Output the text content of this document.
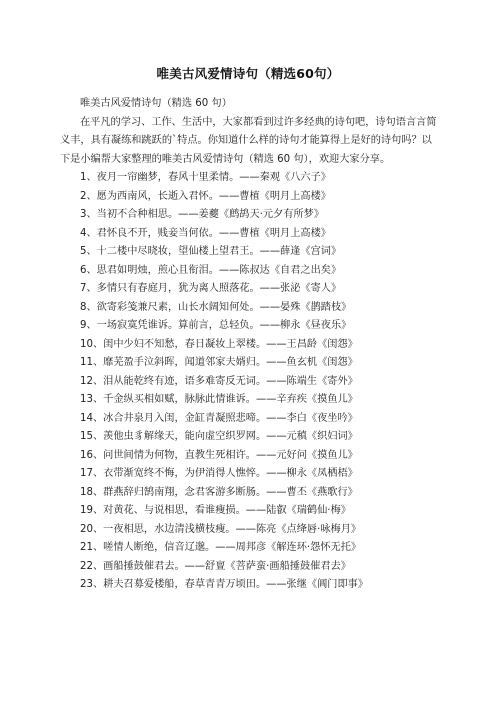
唯美古风爱情诗句（精选60句）

唯美古风爱情诗句（精选 60 句）

在平凡的学习、工作、生活中，大家都看到过许多经典的诗句吧，诗句语言言简义丰，具有凝练和跳跃的`特点。你知道什么样的诗句才能算得上是好的诗句吗？以下是小编帮大家整理的唯美古风爱情诗句（精选 60 句），欢迎大家分享。

1、夜月一帘幽梦，春风十里柔情。——秦观《八六子》
2、愿为西南风，长逝入君怀。——曹植《明月上高楼》
3、当初不合种相思。——姜夔《鹧鸪天·元夕有所梦》
4、君怀良不开，贱妾当何依。——曹植《明月上高楼》
5、十二楼中尽晓妆，望仙楼上望君王。——薛逢《宫词》
6、思君如明烛，煎心且衔泪。——陈叔达《自君之出矣》
7、多情只有春庭月，犹为离人照落花。——张泌《寄人》
8、欲寄彩笺兼尺素，山长水阔知何处。——晏殊《鹊踏枝》
9、一场寂寞凭谁诉。算前言，总轻负。——柳永《昼夜乐》
10、闺中少妇不知愁，春日凝妆上翠楼。——王昌龄《闺怨》
11、靡芜盈手泣斜晖，闻道邻家夫婿归。——鱼玄机《闺怨》
12、泪从能乾终有迹，语多难寄反无词。——陈端生《寄外》
13、千金纵买相如赋，脉脉此情谁诉。——辛弃疾《摸鱼儿》
14、冰合井泉月入闺，金缸青凝照悲啼。——李白《夜坐吟》
15、羡他虫豸解缘天，能向虚空织罗网。——元稹《织妇词》
16、问世间情为何物，直教生死相许。——元好问《摸鱼儿》
17、衣带渐宽终不悔，为伊消得人憔悴。——柳永《凤栖梧》
18、群燕辞归鹄南翔，念君客游多断肠。——曹丕《燕歌行》
19、对黄花、与说相思，看谁瘦损。——陆叡《瑞鹤仙·梅》
20、一夜相思，水边清浅横枝瘦。——陈亮《点绛唇·咏梅月》
21、嗟情人断绝，信音辽邈。——周邦彦《解连环·怨怀无托》
22、画船捶鼓催君去。——舒亶《菩萨蛮·画船捶鼓催君去》
23、耕夫召募爱楼船，春草青青万顷田。——张继《阊门即事》
